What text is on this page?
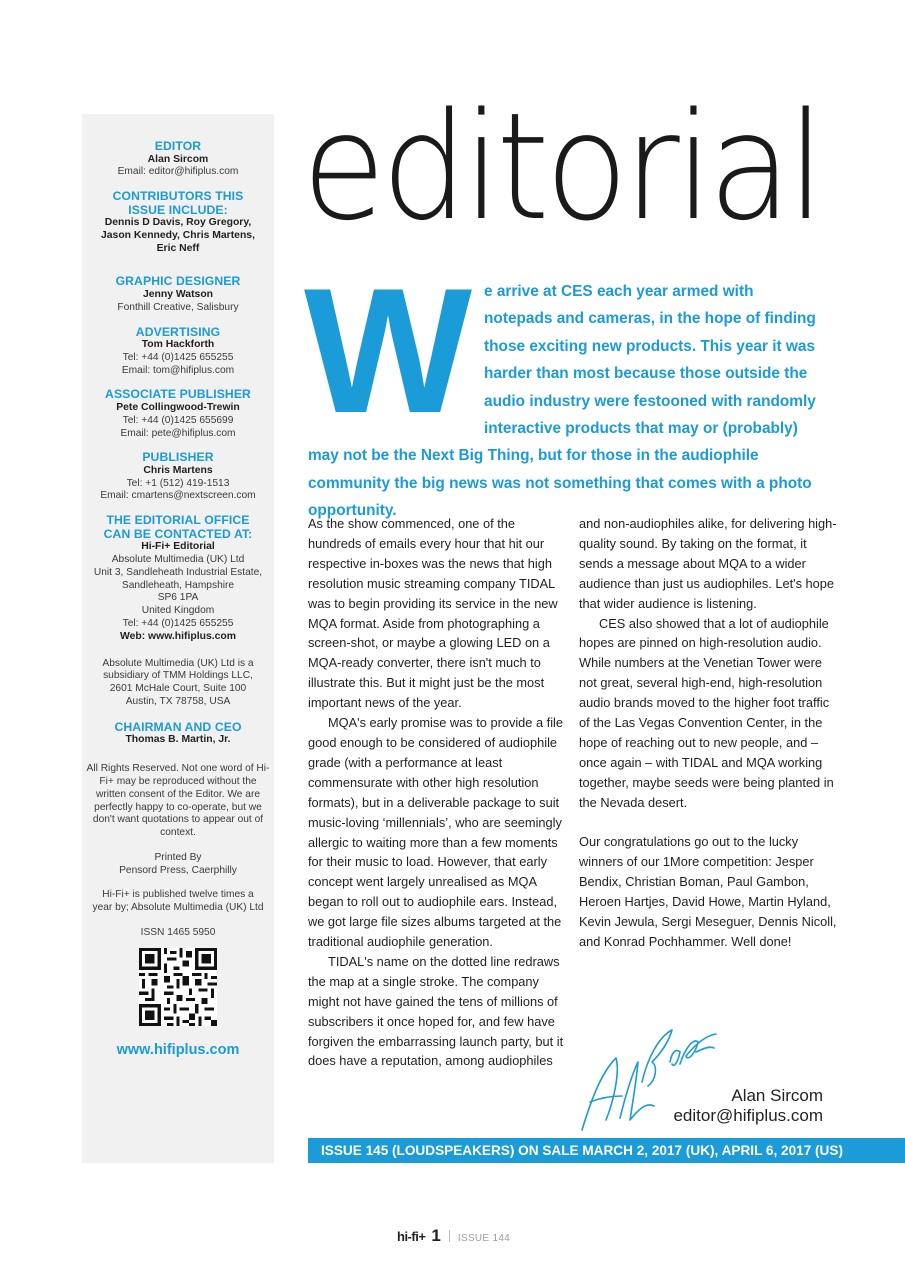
EDITOR
Alan Sircom
Email: editor@hifiplus.com
CONTRIBUTORS THIS ISSUE INCLUDE:
Dennis D Davis, Roy Gregory, Jason Kennedy, Chris Martens, Eric Neff
GRAPHIC DESIGNER
Jenny Watson
Fonthill Creative, Salisbury
ADVERTISING
Tom Hackforth
Tel: +44 (0)1425 655255
Email: tom@hifiplus.com
ASSOCIATE PUBLISHER
Pete Collingwood-Trewin
Tel: +44 (0)1425 655699
Email: pete@hifiplus.com
PUBLISHER
Chris Martens
Tel: +1 (512) 419-1513
Email: cmartens@nextscreen.com
THE EDITORIAL OFFICE CAN BE CONTACTED AT:
Hi-Fi+ Editorial
Absolute Multimedia (UK) Ltd
Unit 3, Sandleheath Industrial Estate,
Sandleheath, Hampshire
SP6 1PA
United Kingdom
Tel: +44 (0)1425 655255
Web: www.hifiplus.com
Absolute Multimedia (UK) Ltd is a subsidiary of TMM Holdings LLC, 2601 McHale Court, Suite 100 Austin, TX 78758, USA
CHAIRMAN AND CEO
Thomas B. Martin, Jr.
All Rights Reserved. Not one word of Hi-Fi+ may be reproduced without the written consent of the Editor. We are perfectly happy to co-operate, but we don't want quotations to appear out of context.
Printed By
Pensord Press, Caerphilly
Hi-Fi+ is published twelve times a year by; Absolute Multimedia (UK) Ltd
ISSN 1465 5950
www.hifiplus.com
editorial
W e arrive at CES each year armed with notepads and cameras, in the hope of finding those exciting new products. This year it was harder than most because those outside the audio industry were festooned with randomly interactive products that may or (probably) may not be the Next Big Thing, but for those in the audiophile community the big news was not something that comes with a photo opportunity.

As the show commenced, one of the hundreds of emails every hour that hit our respective in-boxes was the news that high resolution music streaming company TIDAL was to begin providing its service in the new MQA format. Aside from photographing a screen-shot, or maybe a glowing LED on a MQA-ready converter, there isn't much to illustrate this. But it might just be the most important news of the year.

MQA's early promise was to provide a file good enough to be considered of audiophile grade (with a performance at least commensurate with other high resolution formats), but in a deliverable package to suit music-loving ‘millennials’, who are seemingly allergic to waiting more than a few moments for their music to load. However, that early concept went largely unrealised as MQA began to roll out to audiophile ears. Instead, we got large file sizes albums targeted at the traditional audiophile generation.

TIDAL's name on the dotted line redraws the map at a single stroke. The company might not have gained the tens of millions of subscribers it once hoped for, and few have forgiven the embarrassing launch party, but it does have a reputation, among audiophiles

and non-audiophiles alike, for delivering high-quality sound. By taking on the format, it sends a message about MQA to a wider audience than just us audiophiles. Let's hope that wider audience is listening.

CES also showed that a lot of audiophile hopes are pinned on high-resolution audio. While numbers at the Venetian Tower were not great, several high-end, high-resolution audio brands moved to the higher foot traffic of the Las Vegas Convention Center, in the hope of reaching out to new people, and – once again – with TIDAL and MQA working together, maybe seeds were being planted in the Nevada desert.

Our congratulations go out to the lucky winners of our 1More competition: Jesper Bendix, Christian Boman, Paul Gambon, Heroen Hartjes, David Howe, Martin Hyland, Kevin Jewula, Sergi Meseguer, Dennis Nicoll, and Konrad Pochhammer. Well done!

Alan Sircom
editor@hifiplus.com
ISSUE 145 (LOUDSPEAKERS) ON SALE MARCH 2, 2017 (UK), APRIL 6, 2017 (US)
hi-fi+ 1 ISSUE 144
